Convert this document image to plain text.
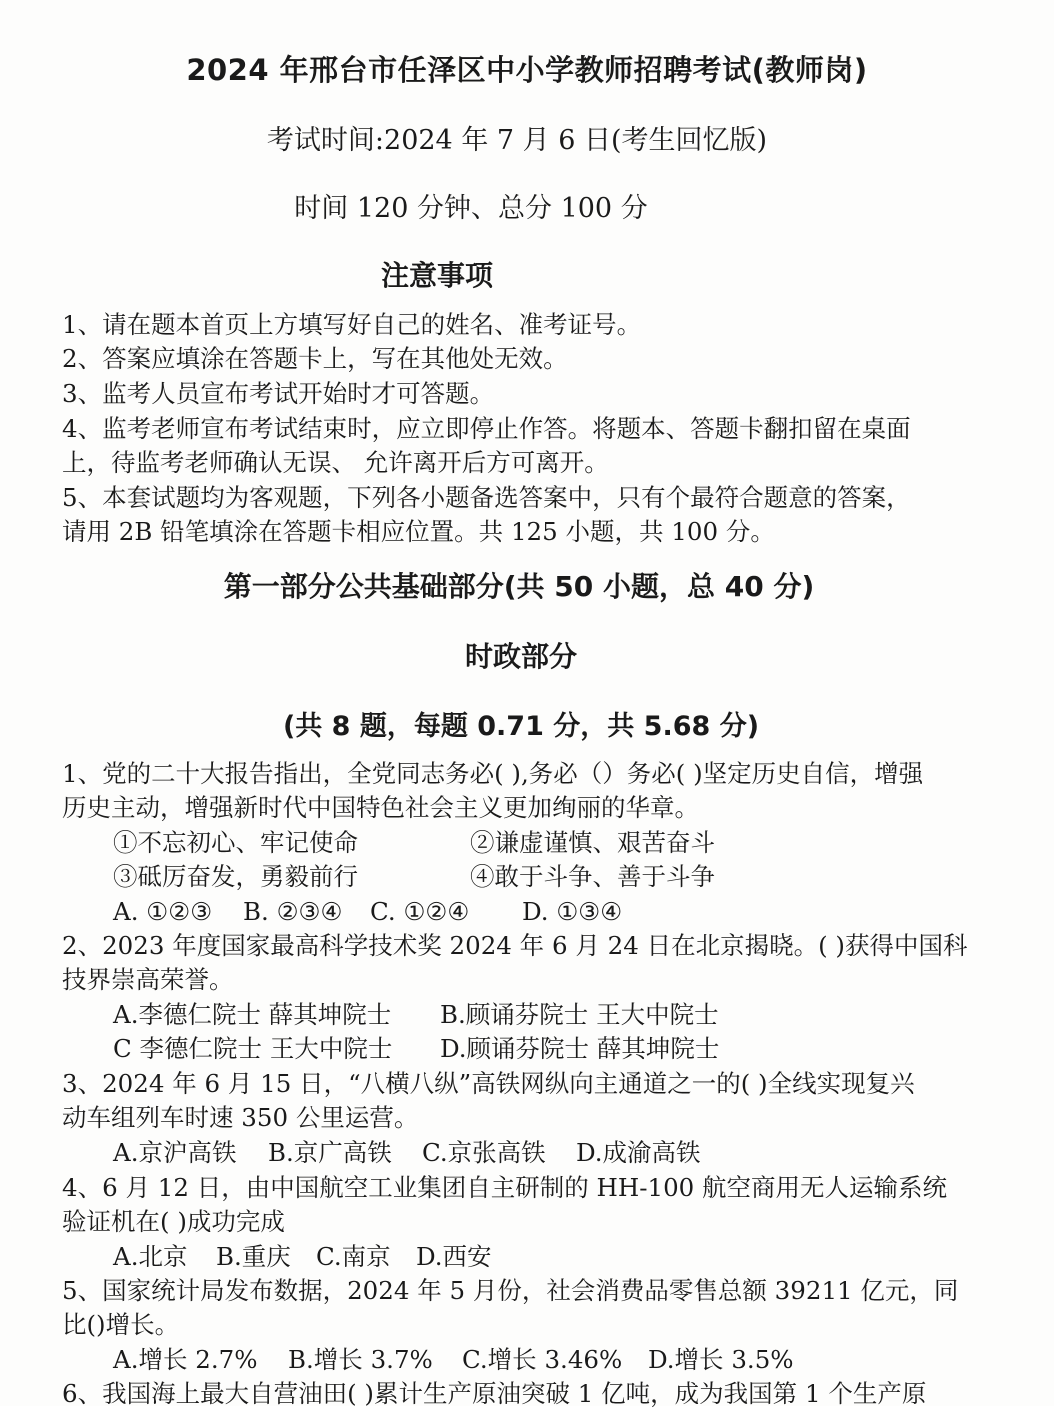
2024 年邢台市任泽区中小学教师招聘考试(教师岗)
考试时间:2024 年 7 月 6 日(考生回忆版)
时间 120 分钟、总分 100 分
注意事项
1、请在题本首页上方填写好自己的姓名、准考证号。
2、答案应填涂在答题卡上，写在其他处无效。
3、监考人员宣布考试开始时才可答题。
4、监考老师宣布考试结束时，应立即停止作答。将题本、答题卡翻扣留在桌面
上，待监考老师确认无误、 允许离开后方可离开。
5、本套试题均为客观题，下列各小题备选答案中，只有个最符合题意的答案，
请用 2B 铅笔填涂在答题卡相应位置。共 125 小题，共 100 分。
第一部分公共基础部分(共 50 小题，总 40 分)
时政部分
(共 8 题，每题 0.71 分，共 5.68 分)
1、党的二十大报告指出，全党同志务必( ),务必（）务必( )坚定历史自信，增强
历史主动，增强新时代中国特色社会主义更加绚丽的华章。
①不忘初心、牢记使命	②谦虚谨慎、艰苦奋斗
③砥厉奋发，勇毅前行	④敢于斗争、善于斗争
A. ①②③ B. ②③④ C. ①②④ D. ①③④
2、2023 年度国家最高科学技术奖 2024 年 6 月 24 日在北京揭晓。( )获得中国科
技界崇高荣誉。
A.李德仁院士 薛其坤院士 B.顾诵芬院士 王大中院士
C 李德仁院士 王大中院士 D.顾诵芬院士 薛其坤院士
3、2024 年 6 月 15 日，“八横八纵”高铁网纵向主通道之一的( )全线实现复兴
动车组列车时速 350 公里运营。
A.京沪高铁 B.京广高铁 C.京张高铁 D.成渝高铁
4、6 月 12 日，由中国航空工业集团自主研制的 HH-100 航空商用无人运输系统
验证机在( )成功完成
A.北京 B.重庆 C.南京 D.西安
5、国家统计局发布数据，2024 年 5 月份，社会消费品零售总额 39211 亿元，同
比()增长。
A.增长 2.7% B.增长 3.7% C.增长 3.46% D.增长 3.5%
6、我国海上最大自营油田( )累计生产原油突破 1 亿吨，成为我国第 1 个生产原
